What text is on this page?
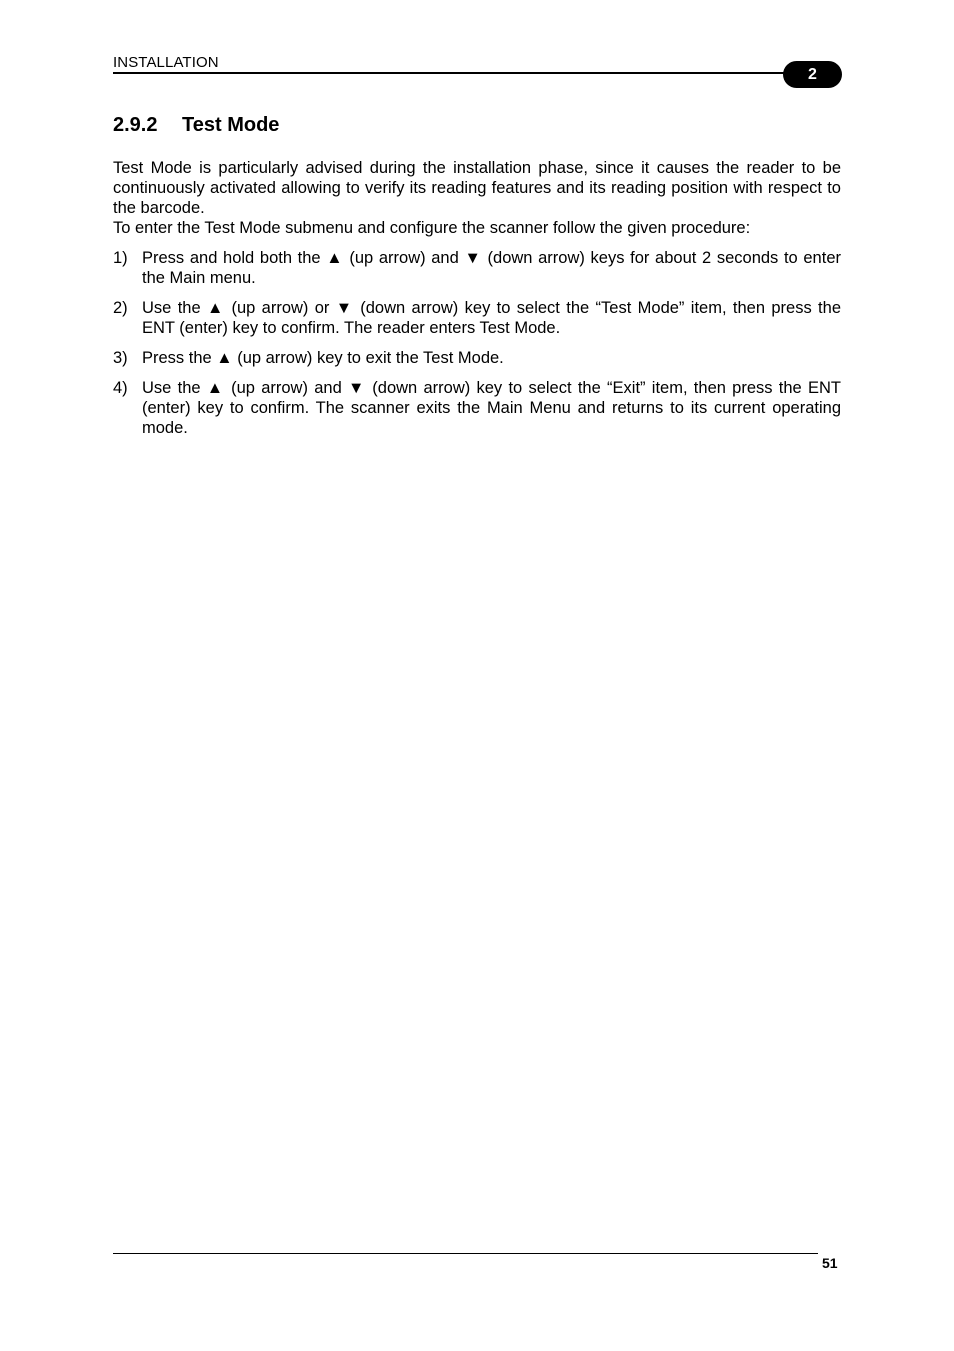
INSTALLATION
2
2.9.2 Test Mode

Test Mode is particularly advised during the installation phase, since it causes the reader to be continuously activated allowing to verify its reading features and its reading position with respect to the barcode.

To enter the Test Mode submenu and configure the scanner follow the given procedure:

1) Press and hold both the ▲ (up arrow) and ▼ (down arrow) keys for about 2 seconds to enter the Main menu.
2) Use the ▲ (up arrow) or ▼ (down arrow) key to select the “Test Mode” item, then press the ENT (enter) key to confirm. The reader enters Test Mode.
3) Press the ▲ (up arrow) key to exit the Test Mode.
4) Use the ▲ (up arrow) and ▼ (down arrow) key to select the “Exit” item, then press the ENT (enter) key to confirm. The scanner exits the Main Menu and returns to its current operating mode.
51
